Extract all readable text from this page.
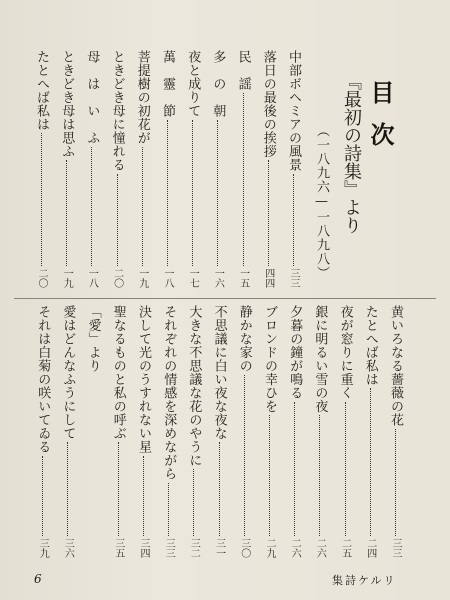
目次
『最初の詩集』より
（一八九六—一八九八）
中部ボヘミアの風景三三
落日の最後の挨拶四四
民　謡一五
多　の　朝一六
夜と成りて一七
萬　靈　節一八
菩提樹の初花が一九
ときどき母に憧れる二〇
母　は　い　ふ一八
ときどき母は思ふ一九
たとへば私は二〇
黄いろなる薔薇の花三三
たとへば私は二四
夜が窓りに重く二五
銀に明るい雪の夜二六
夕暮の鐘が鳴る二六
ブロンドの幸ひを二九
静かな家の三〇
不思議に白い夜な夜な三一
大きな不思議な花のやうに三二
それぞれの情感を深めながら三三
決して光のうすれない星三四
聖なるものと私の呼ぶ三五
「愛」より
愛はどんなふうにして三六
それは白菊の咲いてゐる三九
6	集詩ケルリ
